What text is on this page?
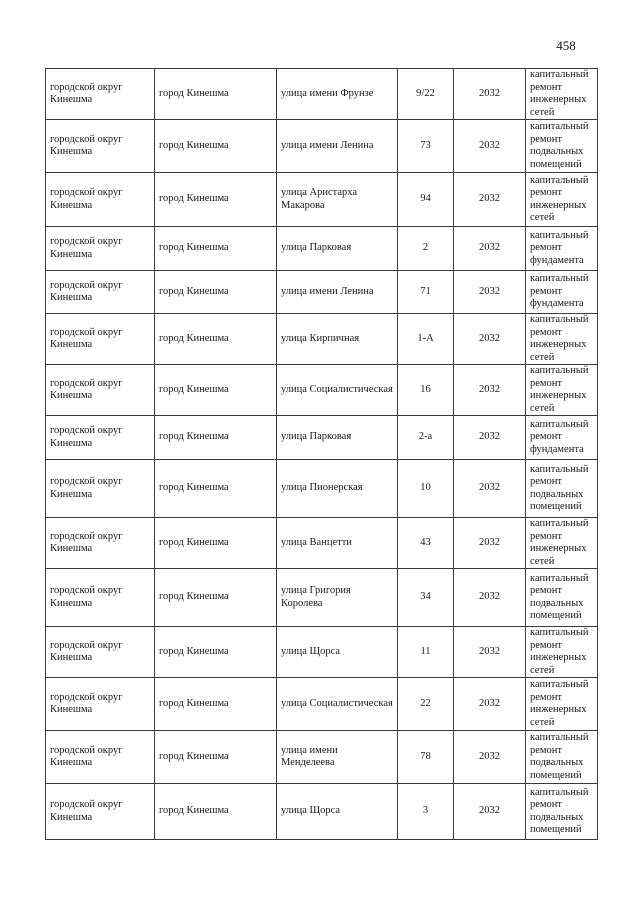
458
городской округ Кинешма	город Кинешма	улица имени Фрунзе	9/22	2032	капитальный ремонт инженерных сетей
городской округ Кинешма	город Кинешма	улица имени Ленина	73	2032	капитальный ремонт подвальных помещений
городской округ Кинешма	город Кинешма	улица Аристарха Макарова	94	2032	капитальный ремонт инженерных сетей
городской округ Кинешма	город Кинешма	улица Парковая	2	2032	капитальный ремонт фундамента
городской округ Кинешма	город Кинешма	улица имени Ленина	71	2032	капитальный ремонт фундамента
городской округ Кинешма	город Кинешма	улица Кирпичная	1-А	2032	капитальный ремонт инженерных сетей
городской округ Кинешма	город Кинешма	улица Социалистическая	16	2032	капитальный ремонт инженерных сетей
городской округ Кинешма	город Кинешма	улица Парковая	2-а	2032	капитальный ремонт фундамента
городской округ Кинешма	город Кинешма	улица Пионерская	10	2032	капитальный ремонт подвальных помещений
городской округ Кинешма	город Кинешма	улица Ванцетти	43	2032	капитальный ремонт инженерных сетей
городской округ Кинешма	город Кинешма	улица Григория Королева	34	2032	капитальный ремонт подвальных помещений
городской округ Кинешма	город Кинешма	улица Щорса	11	2032	капитальный ремонт инженерных сетей
городской округ Кинешма	город Кинешма	улица Социалистическая	22	2032	капитальный ремонт инженерных сетей
городской округ Кинешма	город Кинешма	улица имени Менделеева	78	2032	капитальный ремонт подвальных помещений
городской округ Кинешма	город Кинешма	улица Щорса	3	2032	капитальный ремонт подвальных помещений
